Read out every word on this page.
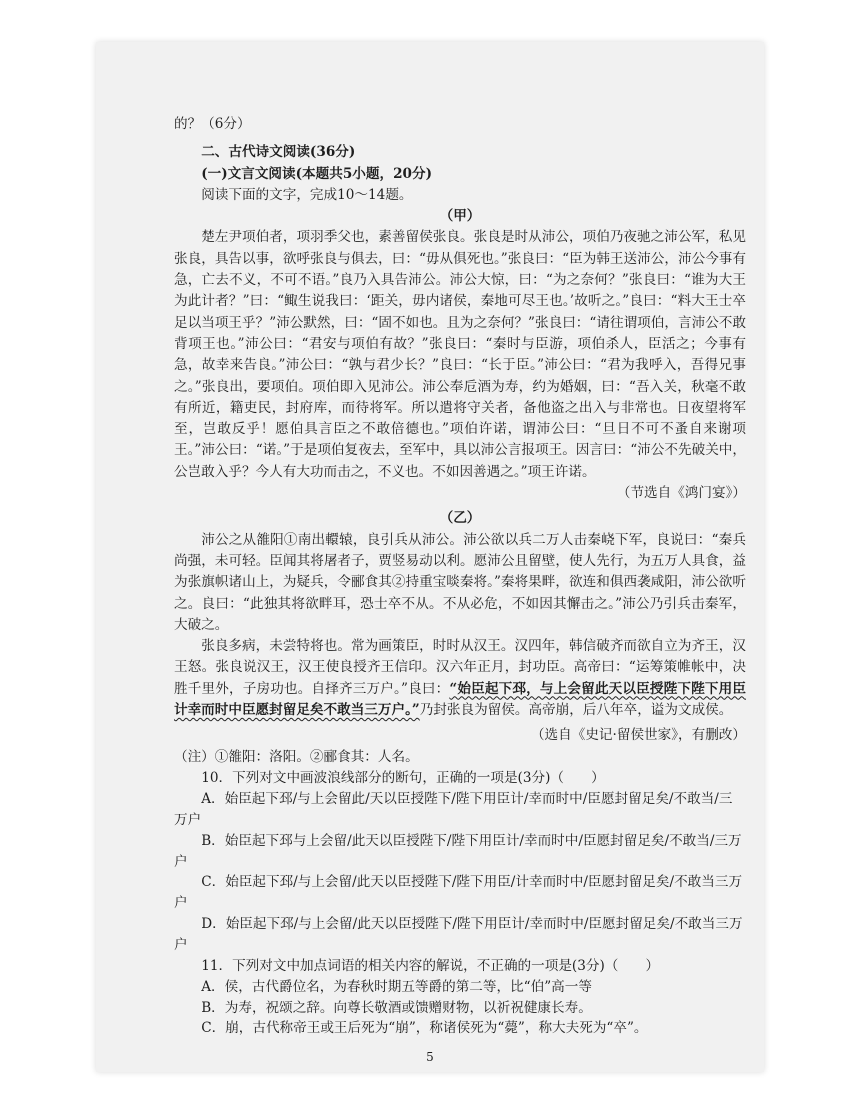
的？（6分）

二、古代诗文阅读(36分)

(一)文言文阅读(本题共5小题，20分)

阅读下面的文字，完成10～14题。

（甲）

楚左尹项伯者，项羽季父也，素善留侯张良。张良是时从沛公，项伯乃夜驰之沛公军，私见张良，具告以事，欲呼张良与俱去，曰：“毋从俱死也。”张良曰：“臣为韩王送沛公，沛公今事有急，亡去不义，不可不语。”良乃入具告沛公。沛公大惊，曰：“为之奈何？”张良曰：“谁为大王为此计者？”曰：“鲰生说我曰：‘距关，毋内诸侯，秦地可尽王也。’故听之。”良曰：“料大王士卒足以当项王乎？”沛公默然，曰：“固不如也。且为之奈何？”张良曰：“请往谓项伯，言沛公不敢背项王也。”沛公曰：“君安与项伯有故？”张良曰：“秦时与臣游，项伯杀人，臣活之；今事有急，故幸来告良。”沛公曰：“孰与君少长？”良曰：“长于臣。”沛公曰：“君为我呼入，吾得兄事之。”张良出，要项伯。项伯即入见沛公。沛公奉卮酒为寿，约为婚姻，曰：“吾入关，秋毫不敢有所近，籍吏民，封府库，而待将军。所以遣将守关者，备他盗之出入与非常也。日夜望将军至，岂敢反乎！愿伯具言臣之不敢倍德也。”项伯许诺，谓沛公曰：“旦日不可不蚤自来谢项王。”沛公曰：“诺。”于是项伯复夜去，至军中，具以沛公言报项王。因言曰：“沛公不先破关中，公岂敢入乎？今人有大功而击之，不义也。不如因善遇之。”项王许诺。

（节选自《鸿门宴》）

（乙）

沛公之从雒阳①南出轘辕，良引兵从沛公。沛公欲以兵二万人击秦峣下军，良说曰：“秦兵尚强，未可轻。臣闻其将屠者子，贾竖易动以利。愿沛公且留壁，使人先行，为五万人具食，益为张旗帜诸山上，为疑兵，令郦食其②持重宝啖秦将。”秦将果畔，欲连和俱西袭咸阳，沛公欲听之。良曰：“此独其将欲畔耳，恐士卒不从。不从必危，不如因其懈击之。”沛公乃引兵击秦军，大破之。

张良多病，未尝特将也。常为画策臣，时时从汉王。汉四年，韩信破齐而欲自立为齐王，汉王怒。张良说汉王，汉王使良授齐王信印。汉六年正月，封功臣。高帝曰：“运筹策帷帐中，决胜千里外，子房功也。自择齐三万户。”良曰：“始臣起下邳，与上会留此天以臣授陛下陛下用臣计幸而时中臣愿封留足矣不敢当三万户。”乃封张良为留侯。高帝崩，后八年卒，谥为文成侯。

（选自《史记·留侯世家》，有删改）

（注）①雒阳：洛阳。②郦食其：人名。

10．下列对文中画波浪线部分的断句，正确的一项是(3分)（　　）

A．始臣起下邳/与上会留此/天以臣授陛下/陛下用臣计/幸而时中/臣愿封留足矣/不敢当/三万户

B．始臣起下邳与上会留/此天以臣授陛下/陛下用臣计/幸而时中/臣愿封留足矣/不敢当/三万户

C．始臣起下邳/与上会留/此天以臣授陛下/陛下用臣/计幸而时中/臣愿封留足矣/不敢当三万户

D．始臣起下邳/与上会留/此天以臣授陛下/陛下用臣计/幸而时中/臣愿封留足矣/不敢当三万户

11．下列对文中加点词语的相关内容的解说，不正确的一项是(3分)（　　）

A．侯，古代爵位名，为春秋时期五等爵的第二等，比“伯”高一等

B．为寿，祝颂之辞。向尊长敬酒或馈赠财物，以祈祝健康长寿。

C．崩，古代称帝王或王后死为“崩”，称诸侯死为“薨”，称大夫死为“卒”。

5
